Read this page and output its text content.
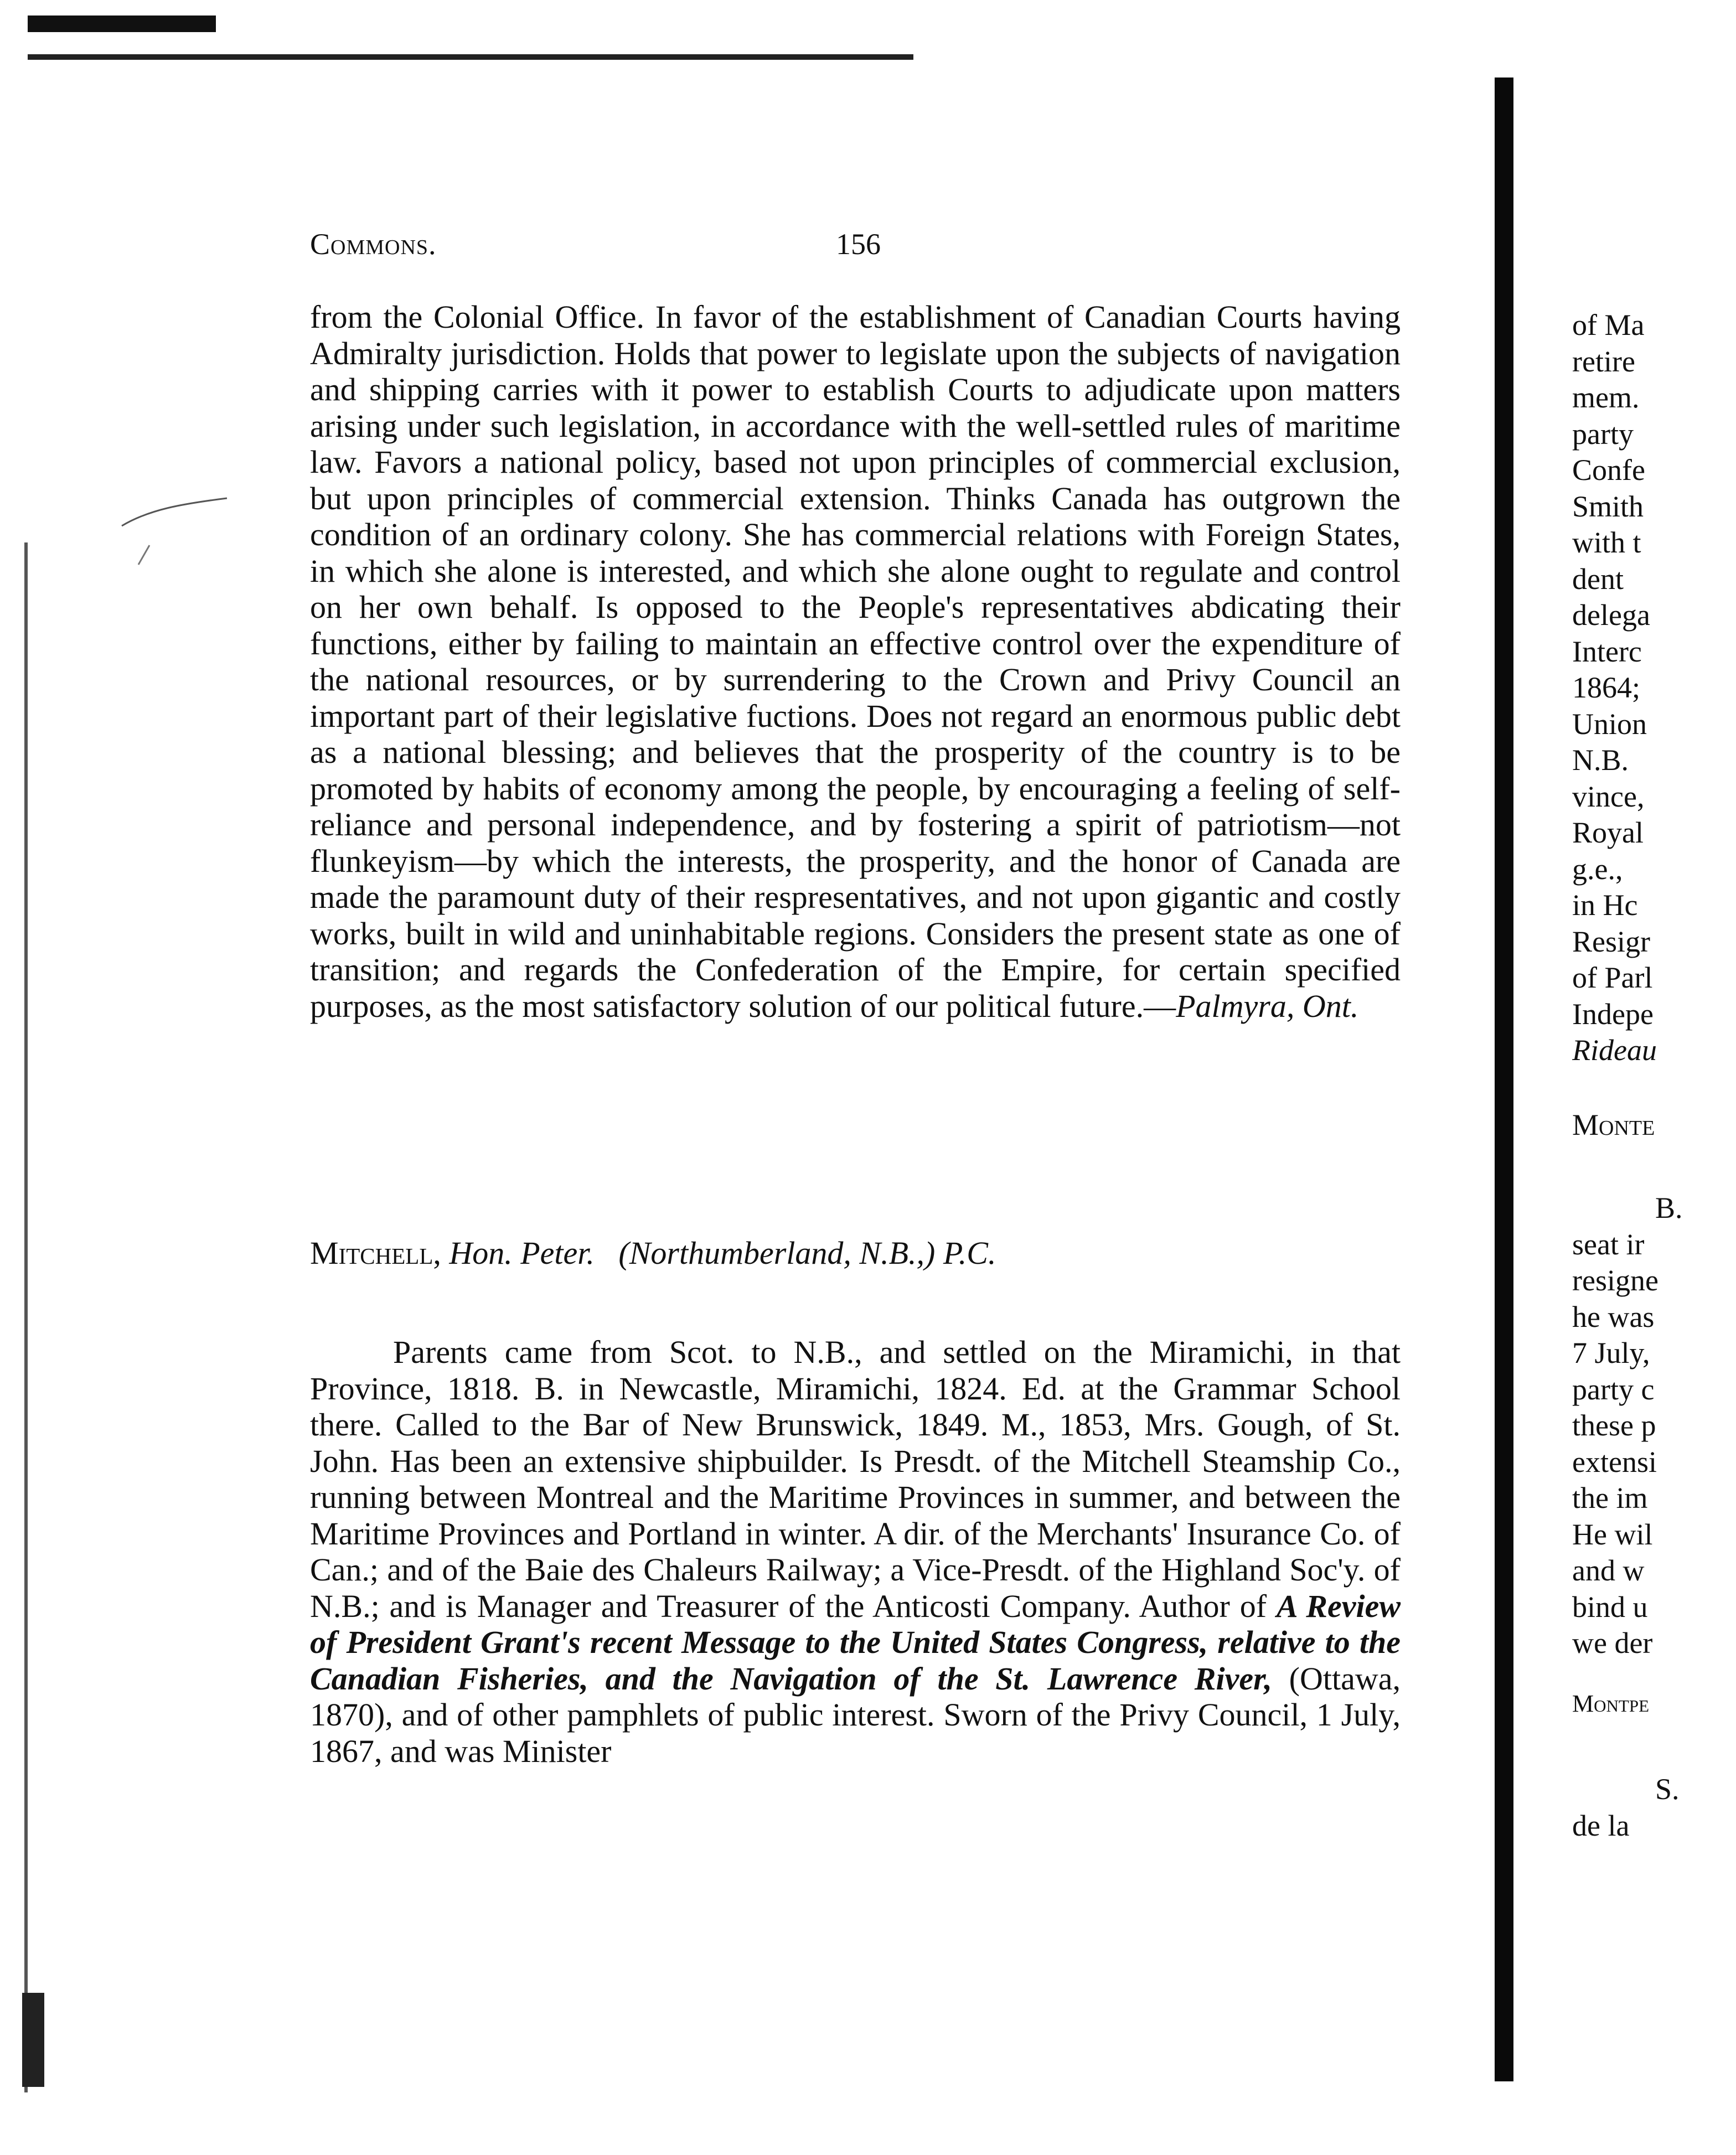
Commons.	156

from the Colonial Office. In favor of the establishment of Canadian Courts having Admiralty jurisdiction. Holds that power to legislate upon the subjects of navigation and shipping carries with it power to establish Courts to adjudicate upon matters arising under such legislation, in accordance with the well-settled rules of maritime law. Favors a national policy, based not upon principles of commercial exclusion, but upon principles of commercial extension. Thinks Canada has outgrown the condition of an ordinary colony. She has commercial relations with Foreign States, in which she alone is interested, and which she alone ought to regulate and control on her own behalf. Is opposed to the People's representatives abdicating their functions, either by failing to maintain an effective control over the expenditure of the national resources, or by surrendering to the Crown and Privy Council an important part of their legislative fuctions. Does not regard an enormous public debt as a national blessing; and believes that the prosperity of the country is to be promoted by habits of economy among the people, by encouraging a feeling of self-reliance and personal independence, and by fostering a spirit of patriotism—not flunkeyism—by which the interests, the prosperity, and the honor of Canada are made the paramount duty of their respresentatives, and not upon gigantic and costly works, built in wild and uninhabitable regions. Considers the present state as one of transition; and regards the Confederation of the Empire, for certain specified purposes, as the most satisfactory solution of our political future.—Palmyra, Ont.

Mitchell, Hon. Peter. (Northumberland, N.B.,) P.C.

Parents came from Scot. to N.B., and settled on the Miramichi, in that Province, 1818. B. in Newcastle, Miramichi, 1824. Ed. at the Grammar School there. Called to the Bar of New Brunswick, 1849. M., 1853, Mrs. Gough, of St. John. Has been an extensive shipbuilder. Is Presdt. of the Mitchell Steamship Co., running between Montreal and the Maritime Provinces in summer, and between the Maritime Provinces and Portland in winter. A dir. of the Merchants' Insurance Co. of Can.; and of the Baie des Chaleurs Railway; a Vice-Presdt. of the Highland Soc'y. of N.B.; and is Manager and Treasurer of the Anticosti Company. Author of A Review of President Grant's recent Message to the United States Congress, relative to the Canadian Fisheries, and the Navigation of the St. Lawrence River, (Ottawa, 1870), and of other pamphlets of public interest. Sworn of the Privy Council, 1 July, 1867, and was Minister

of Ma
retire
mem.
party
Confe
Smith
with t
dent
delega
Interc
1864;
Union
N.B.
vince,
Royal
g.e.,
in Hc
Resigr
of Parl
Indepe
Rideau
Monte
B.
seat ir
resigne
he was
7 July,
party c
these p
extensi
the im
He wil
and w
bind u
we der
Montpe
S.
de la
